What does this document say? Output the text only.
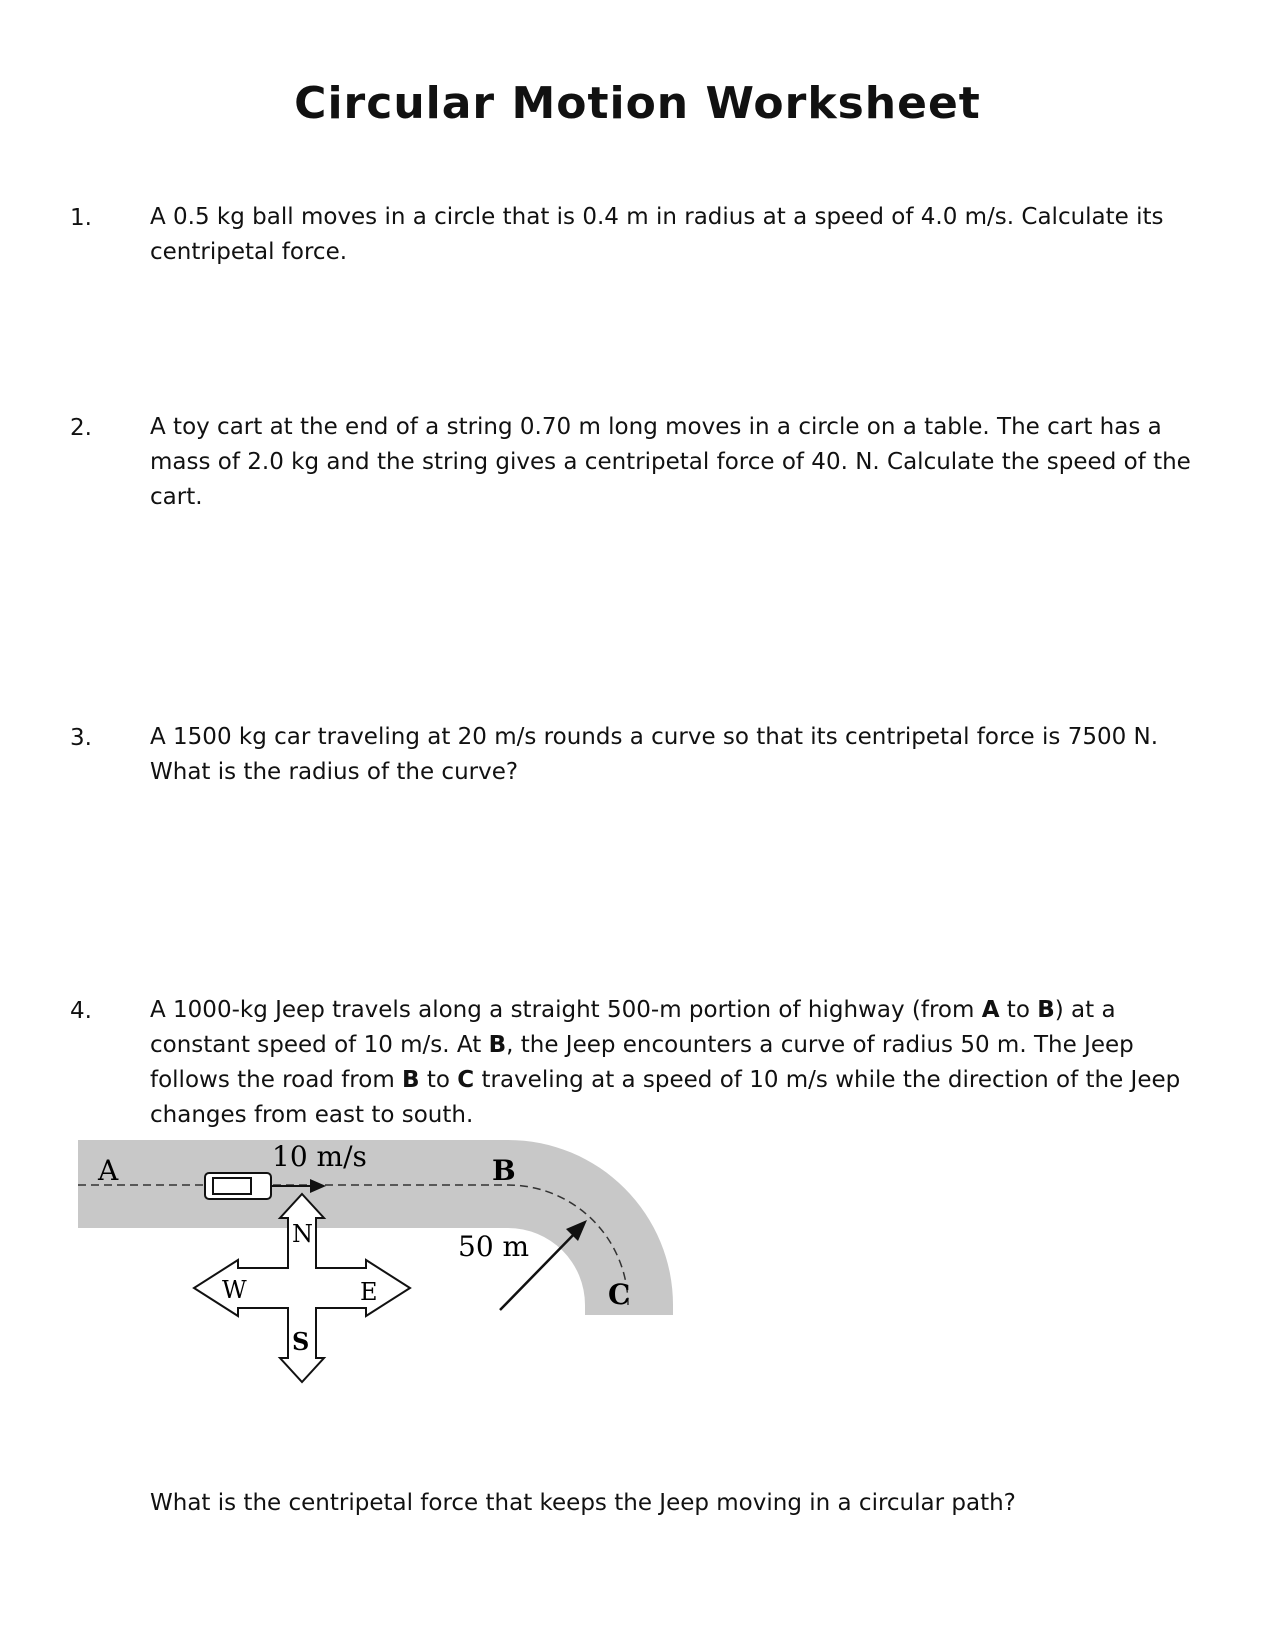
Circular Motion Worksheet
1.	A 0.5 kg ball moves in a circle that is 0.4 m in radius at a speed of 4.0 m/s. Calculate its centripetal force.
2.	A toy cart at the end of a string 0.70 m long moves in a circle on a table. The cart has a mass of 2.0 kg and the string gives a centripetal force of 40. N. Calculate the speed of the cart.
3.	A 1500 kg car traveling at 20 m/s rounds a curve so that its centripetal force is 7500 N. What is the radius of the curve?
4.	A 1000-kg Jeep travels along a straight 500-m portion of highway (from A to B) at a constant speed of 10 m/s. At B, the Jeep encounters a curve of radius 50 m. The Jeep follows the road from B to C traveling at a speed of 10 m/s while the direction of the Jeep changes from east to south.
A	10 m/s	B
C
50 m
N
S
E
W
What is the centripetal force that keeps the Jeep moving in a circular path?
